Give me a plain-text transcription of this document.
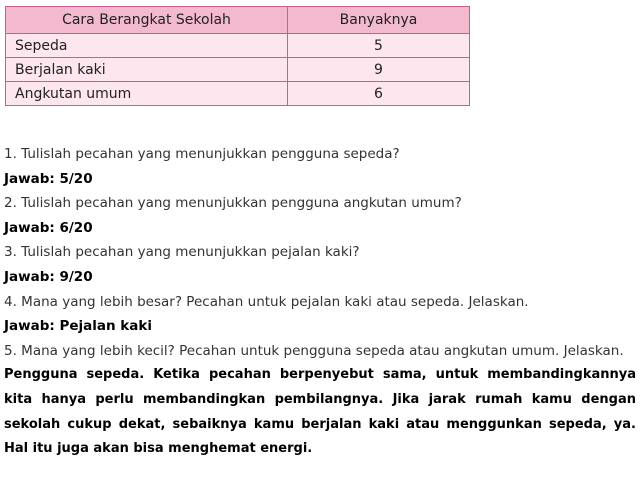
Cara Berangkat Sekolah	Banyaknya
Sepeda	5
Berjalan kaki	9
Angkutan umum	6

1. Tulislah pecahan yang menunjukkan pengguna sepeda?

Jawab: 5/20

2. Tulislah pecahan yang menunjukkan pengguna angkutan umum?

Jawab: 6/20

3. Tulislah pecahan yang menunjukkan pejalan kaki?

Jawab: 9/20

4. Mana yang lebih besar? Pecahan untuk pejalan kaki atau sepeda. Jelaskan.

Jawab: Pejalan kaki

5. Mana yang lebih kecil? Pecahan untuk pengguna sepeda atau angkutan umum. Jelaskan.

Pengguna sepeda. Ketika pecahan berpenyebut sama, untuk membandingkannya kita hanya perlu membandingkan pembilangnya. Jika jarak rumah kamu dengan sekolah cukup dekat, sebaiknya kamu berjalan kaki atau menggunkan sepeda, ya. Hal itu juga akan bisa menghemat energi.
